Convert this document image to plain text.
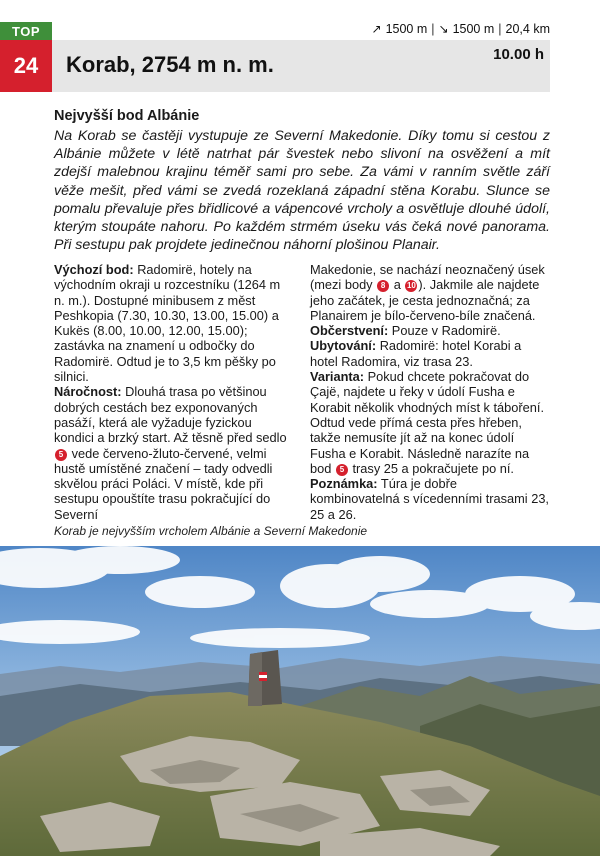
TOP
24
↗ 1500 m | ↘ 1500 m | 20,4 km
Korab, 2754 m n. m.	10.00 h
Nejvyšší bod Albánie
Na Korab se častěji vystupuje ze Severní Makedonie. Díky tomu si cestou z Albánie můžete v létě natrhat pár švestek nebo slivoní na osvěžení a mít zdejší malebnou krajinu téměř sami pro sebe. Za vámi v ranním světle září věže mešit, před vámi se zvedá rozeklaná západní stěna Korabu. Slunce se pomalu převaluje přes břidlicové a vápencové vrcholy a osvětluje dlouhé údolí, kterým stoupáte nahoru. Po každém strmém úseku vás čeká nové panorama. Při sestupu pak projdete jedinečnou náhorní plošinou Planair.

Výchozí bod: Radomirë, hotely na východním okraji u rozcestníku (1264 m n. m.). Dostupné minibusem z měst Peshkopia (7.30, 10.30, 13.00, 15.00) a Kukës (8.00, 10.00, 12.00, 15.00); zastávka na znamení u odbočky do Radomirë. Odtud je to 3,5 km pěšky po silnici.

Náročnost: Dlouhá trasa po většinou dobrých cestách bez exponovaných pasáží, která ale vyžaduje fyzickou kondici a brzký start. Až těsně před sedlo 5 vede červeno-žluto-červené, velmi hustě umístěné značení – tady odvedli skvělou práci Poláci. V místě, kde při sestupu opouštíte trasu pokračující do Severní

Makedonie, se nachází neoznačený úsek (mezi body 8 a 10 ). Jakmile ale najdete jeho začátek, je cesta jednoznačná; za Planairem je bílo-červeno-bíle značená.

Občerstvení: Pouze v Radomirë.

Ubytování: Radomirë: hotel Korabi a hotel Radomira, viz trasa 23.

Varianta: Pokud chcete pokračovat do Çajë, najdete u řeky v údolí Fusha e Korabit několik vhodných míst k táboření. Odtud vede přímá cesta přes hřeben, takže nemusíte jít až na konec údolí Fusha e Korabit. Následně narazíte na bod 5 trasy 25 a pokračujete po ní.

Poznámka: Túra je dobře kombinovatelná s vícedenními trasami 23, 25 a 26.

Korab je nejvyšším vrcholem Albánie a Severní Makedonie
